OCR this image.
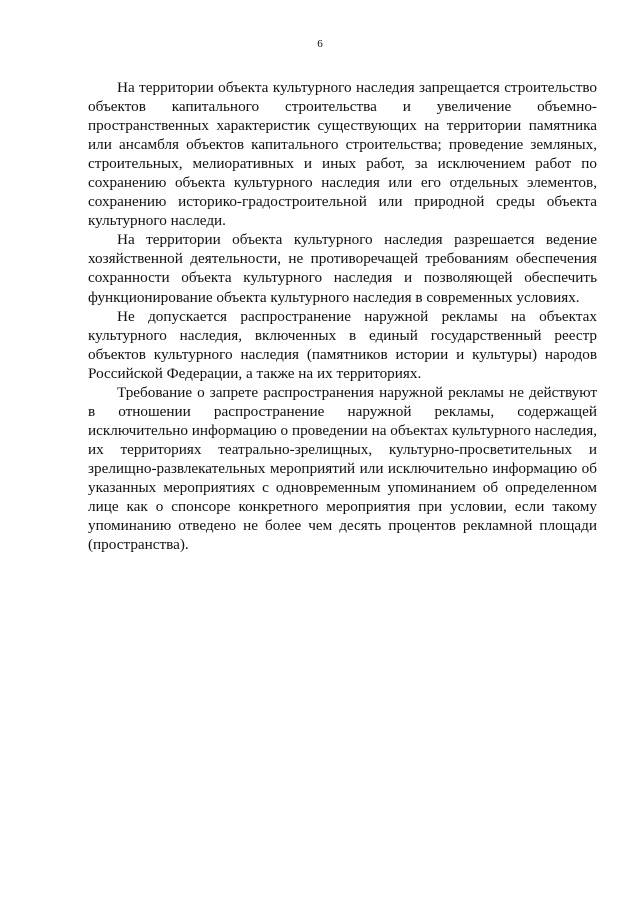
6

На территории объекта культурного наследия запрещается строительство объектов капитального строительства и увеличение объемно-пространственных характеристик существующих на территории памятника или ансамбля объектов капитального строительства; проведение земляных, строительных, мелиоративных и иных работ, за исключением работ по сохранению объекта культурного наследия или его отдельных элементов, сохранению историко-градостроительной или природной среды объекта культурного наследи.

На территории объекта культурного наследия разрешается ведение хозяйственной деятельности, не противоречащей требованиям обеспечения сохранности объекта культурного наследия и позволяющей обеспечить функционирование объекта культурного наследия в современных условиях.

Не допускается распространение наружной рекламы на объектах культурного наследия, включенных в единый государственный реестр объектов культурного наследия (памятников истории и культуры) народов Российской Федерации, а также на их территориях.

Требование о запрете распространения наружной рекламы не действуют в отношении распространение наружной рекламы, содержащей исключительно информацию о проведении на объектах культурного наследия, их территориях театрально-зрелищных, культурно-просветительных и зрелищно-развлекательных мероприятий или исключительно информацию об указанных мероприятиях с одновременным упоминанием об определенном лице как о спонсоре конкретного мероприятия при условии, если такому упоминанию отведено не более чем десять процентов рекламной площади (пространства).
